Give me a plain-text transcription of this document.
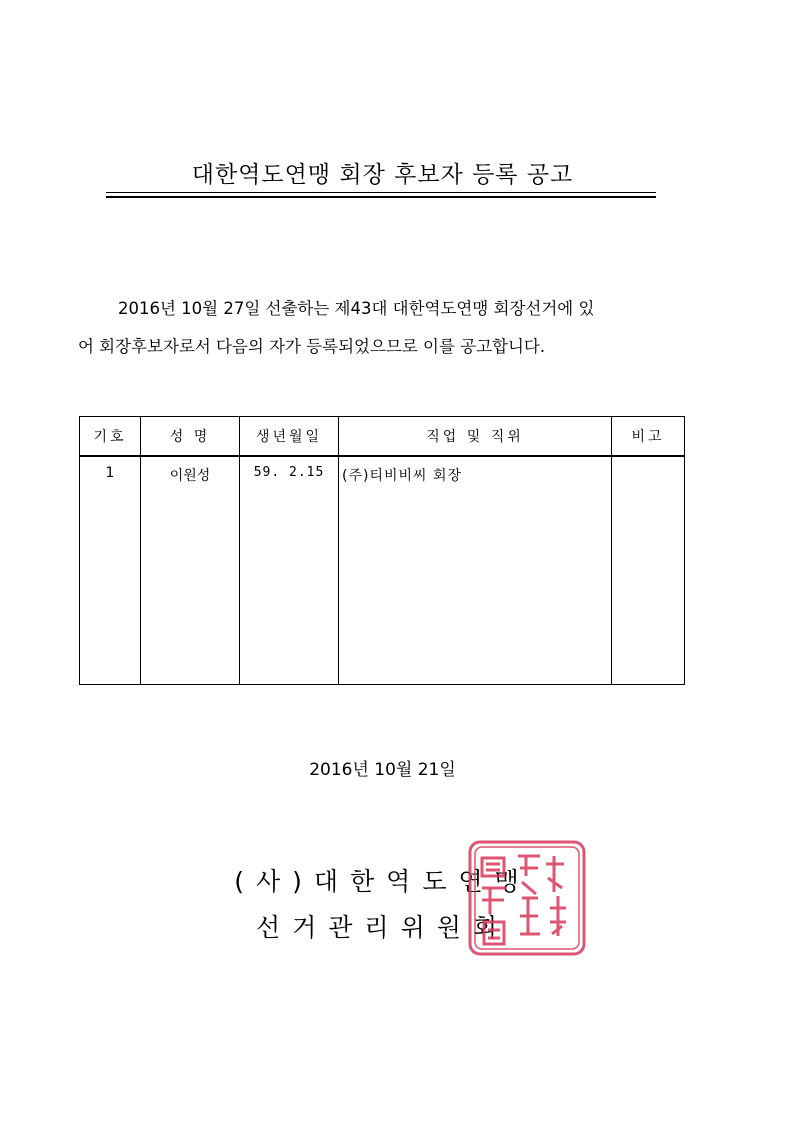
대한역도연맹 회장 후보자 등록 공고
2016년 10월 27일 선출하는 제43대 대한역도연맹 회장선거에 있
어 회장후보자로서 다음의 자가 등록되었으므로 이를 공고합니다.
기호	성 명	생년월일	직업 및 직위	비고
1	이원성	59. 2.15	(주)티비비씨 회장	
2016년 10월 21일
(사)대한역도연맹
선거관리위원회
